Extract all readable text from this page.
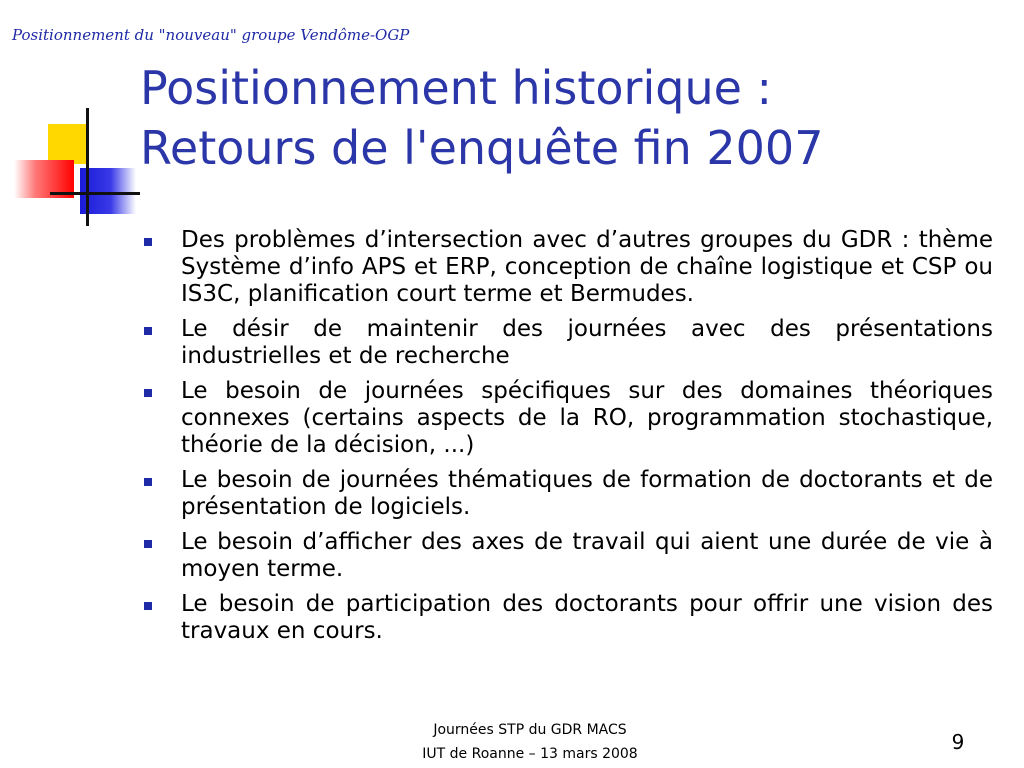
Positionnement du "nouveau" groupe Vendôme-OGP
Positionnement historique :
Retours de l'enquête fin 2007
Des problèmes d’intersection avec d’autres groupes du GDR : thème Système d’info APS et ERP, conception de chaîne logistique et CSP ou IS3C, planification court terme et Bermudes.
Le désir de maintenir des journées avec des présentations industrielles et de recherche
Le besoin de journées spécifiques sur des domaines théoriques connexes (certains aspects de la RO, programmation stochastique, théorie de la décision, ...)
Le besoin de journées thématiques de formation de doctorants et de présentation de logiciels.
Le besoin d’afficher des axes de travail qui aient une durée de vie à moyen terme.
Le besoin de participation des doctorants pour offrir une vision des travaux en cours.
Journées STP du GDR MACS
IUT de Roanne – 13 mars 2008	9
